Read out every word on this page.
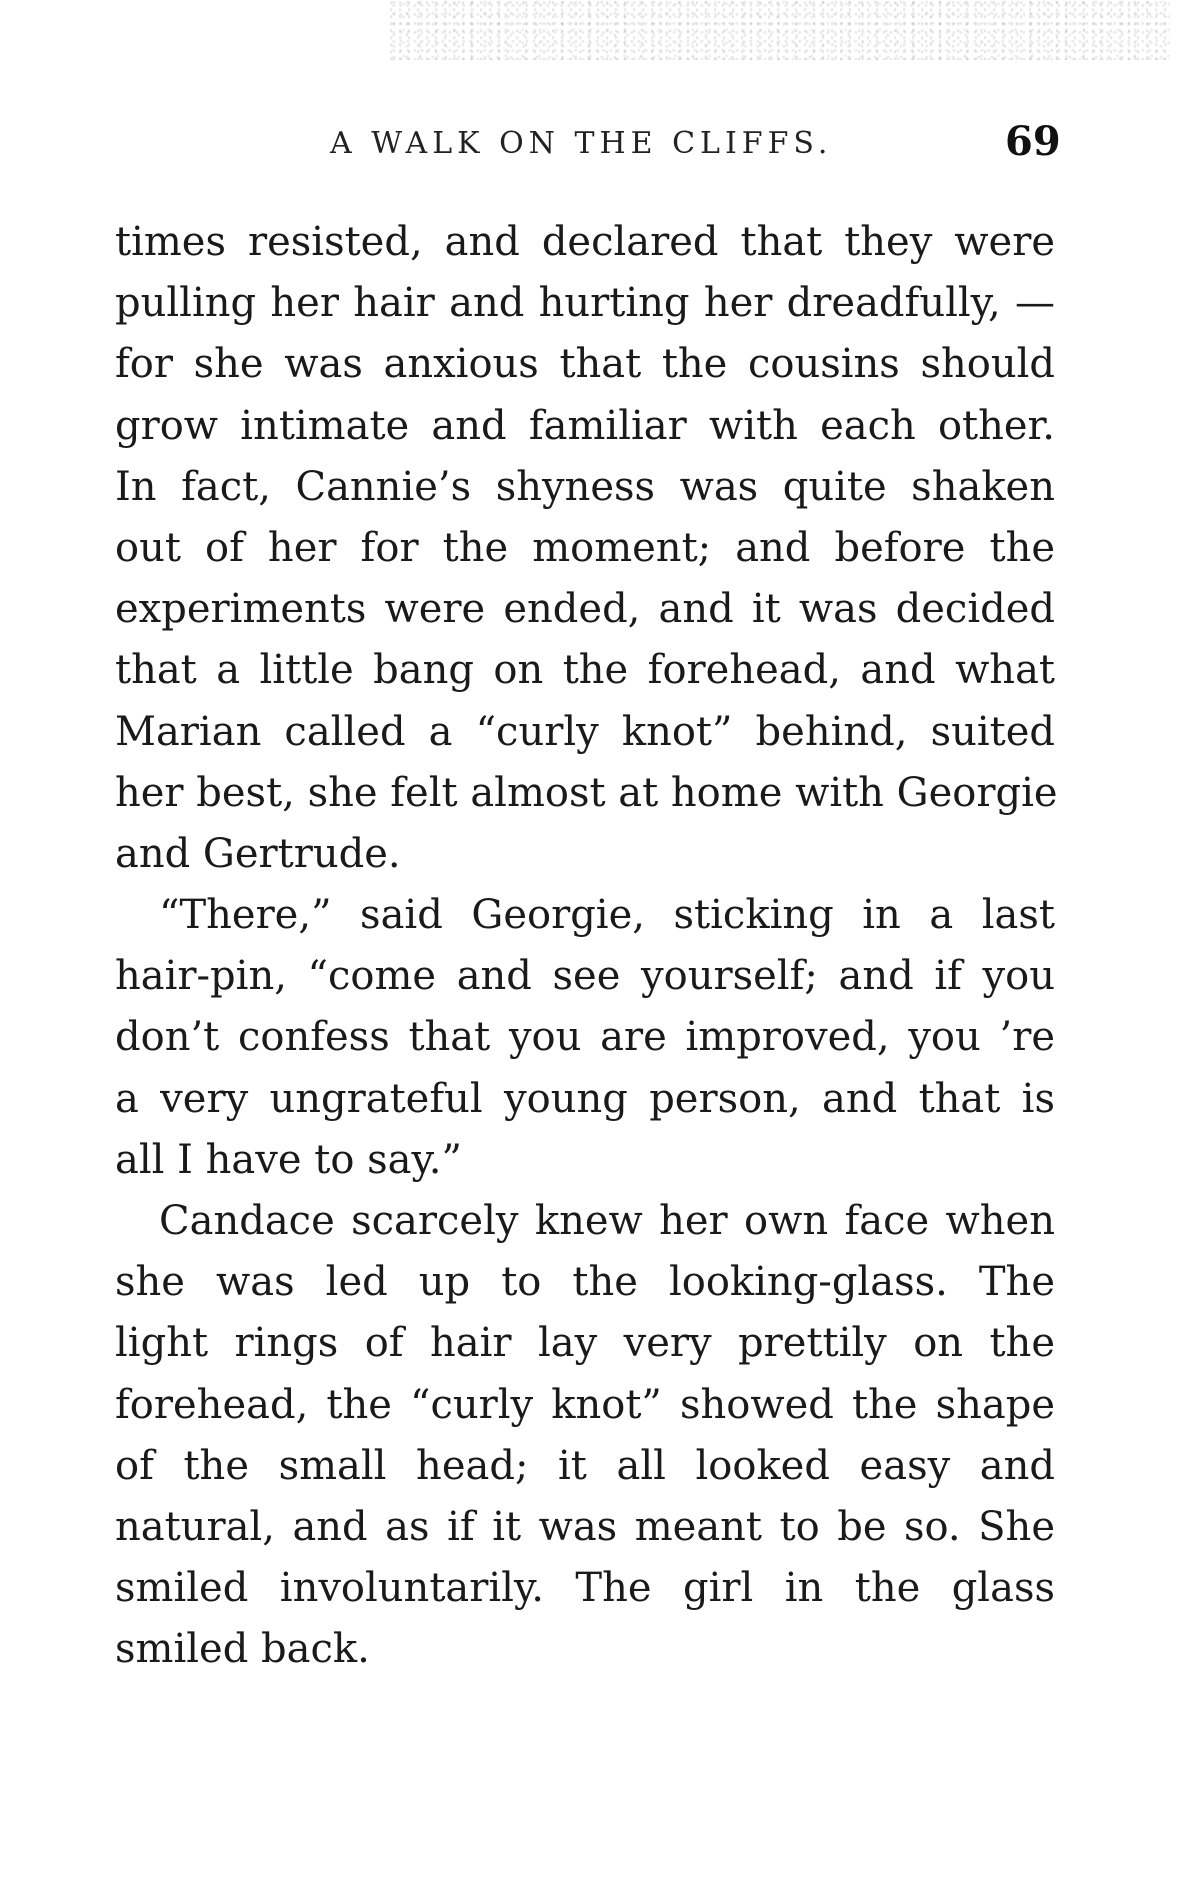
A WALK ON THE CLIFFS.	69
times resisted, and declared that they were
pulling her hair and hurting her dreadfully, —
for she was anxious that the cousins should
grow intimate and familiar with each other.
In fact, Cannie’s shyness was quite shaken
out of her for the moment; and before the
experiments were ended, and it was decided
that a little bang on the forehead, and what
Marian called a “curly knot” behind, suited
her best, she felt almost at home with Georgie
and Gertrude.
“There,” said Georgie, sticking in a last
hair-pin, “come and see yourself; and if you
don’t confess that you are improved, you ’re
a very ungrateful young person, and that is
all I have to say.”
Candace scarcely knew her own face when
she was led up to the looking-glass. The
light rings of hair lay very prettily on the
forehead, the “curly knot” showed the shape
of the small head; it all looked easy and
natural, and as if it was meant to be so. She
smiled involuntarily. The girl in the glass
smiled back.
